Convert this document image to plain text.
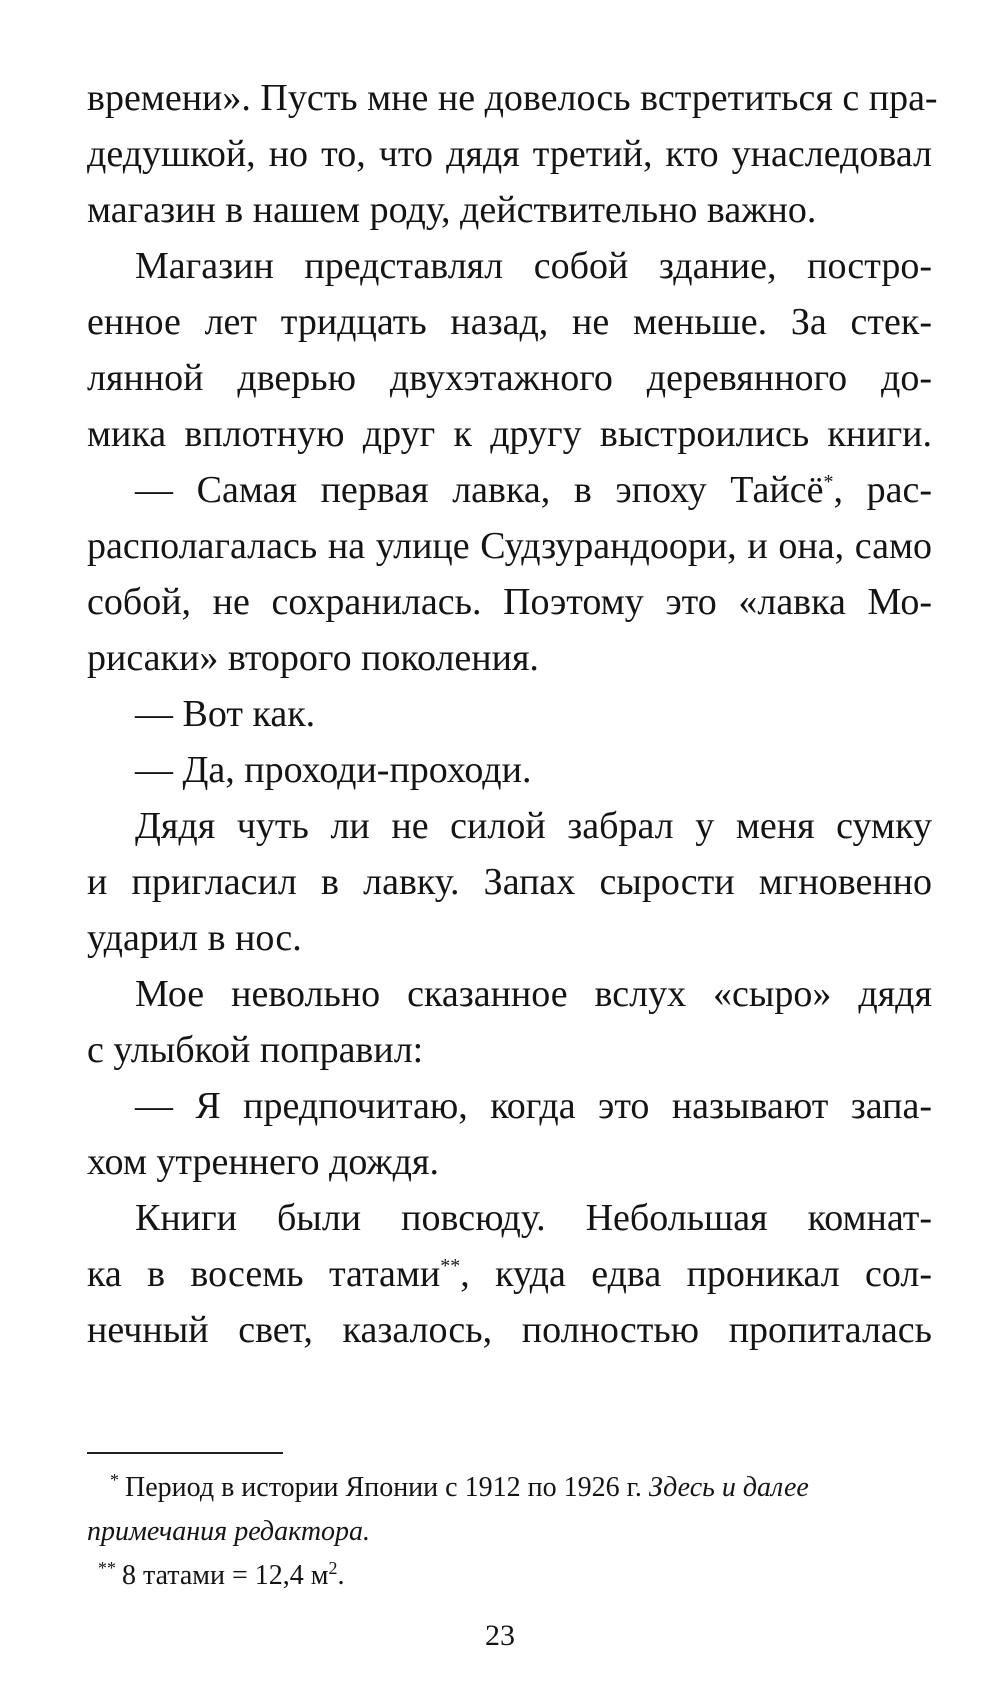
времени». Пусть мне не довелось встретиться с пра-
дедушкой, но то, что дядя третий, кто унаследовал
магазин в нашем роду, действительно важно.
Магазин представлял собой здание, постро-
енное лет тридцать назад, не меньше. За стек-
лянной дверью двухэтажного деревянного до-
мика вплотную друг к другу выстроились книги.
— Самая первая лавка, в эпоху Тайсё*, рас-
располагалась на улице Судзурандоори, и она, само
собой, не сохранилась. Поэтому это «лавка Мо-
рисаки» второго поколения.
— Вот как.
— Да, проходи-проходи.
Дядя чуть ли не силой забрал у меня сумку
и пригласил в лавку. Запах сырости мгновенно
ударил в нос.
Мое невольно сказанное вслух «сыро» дядя
с улыбкой поправил:
— Я предпочитаю, когда это называют запа-
хом утреннего дождя.
Книги были повсюду. Небольшая комнат-
ка в восемь татами**, куда едва проникал сол-
нечный свет, казалось, полностью пропиталась
* Период в истории Японии с 1912 по 1926 г. Здесь и далее
примечания редактора.
** 8 татами = 12,4 $м^2$.
23
